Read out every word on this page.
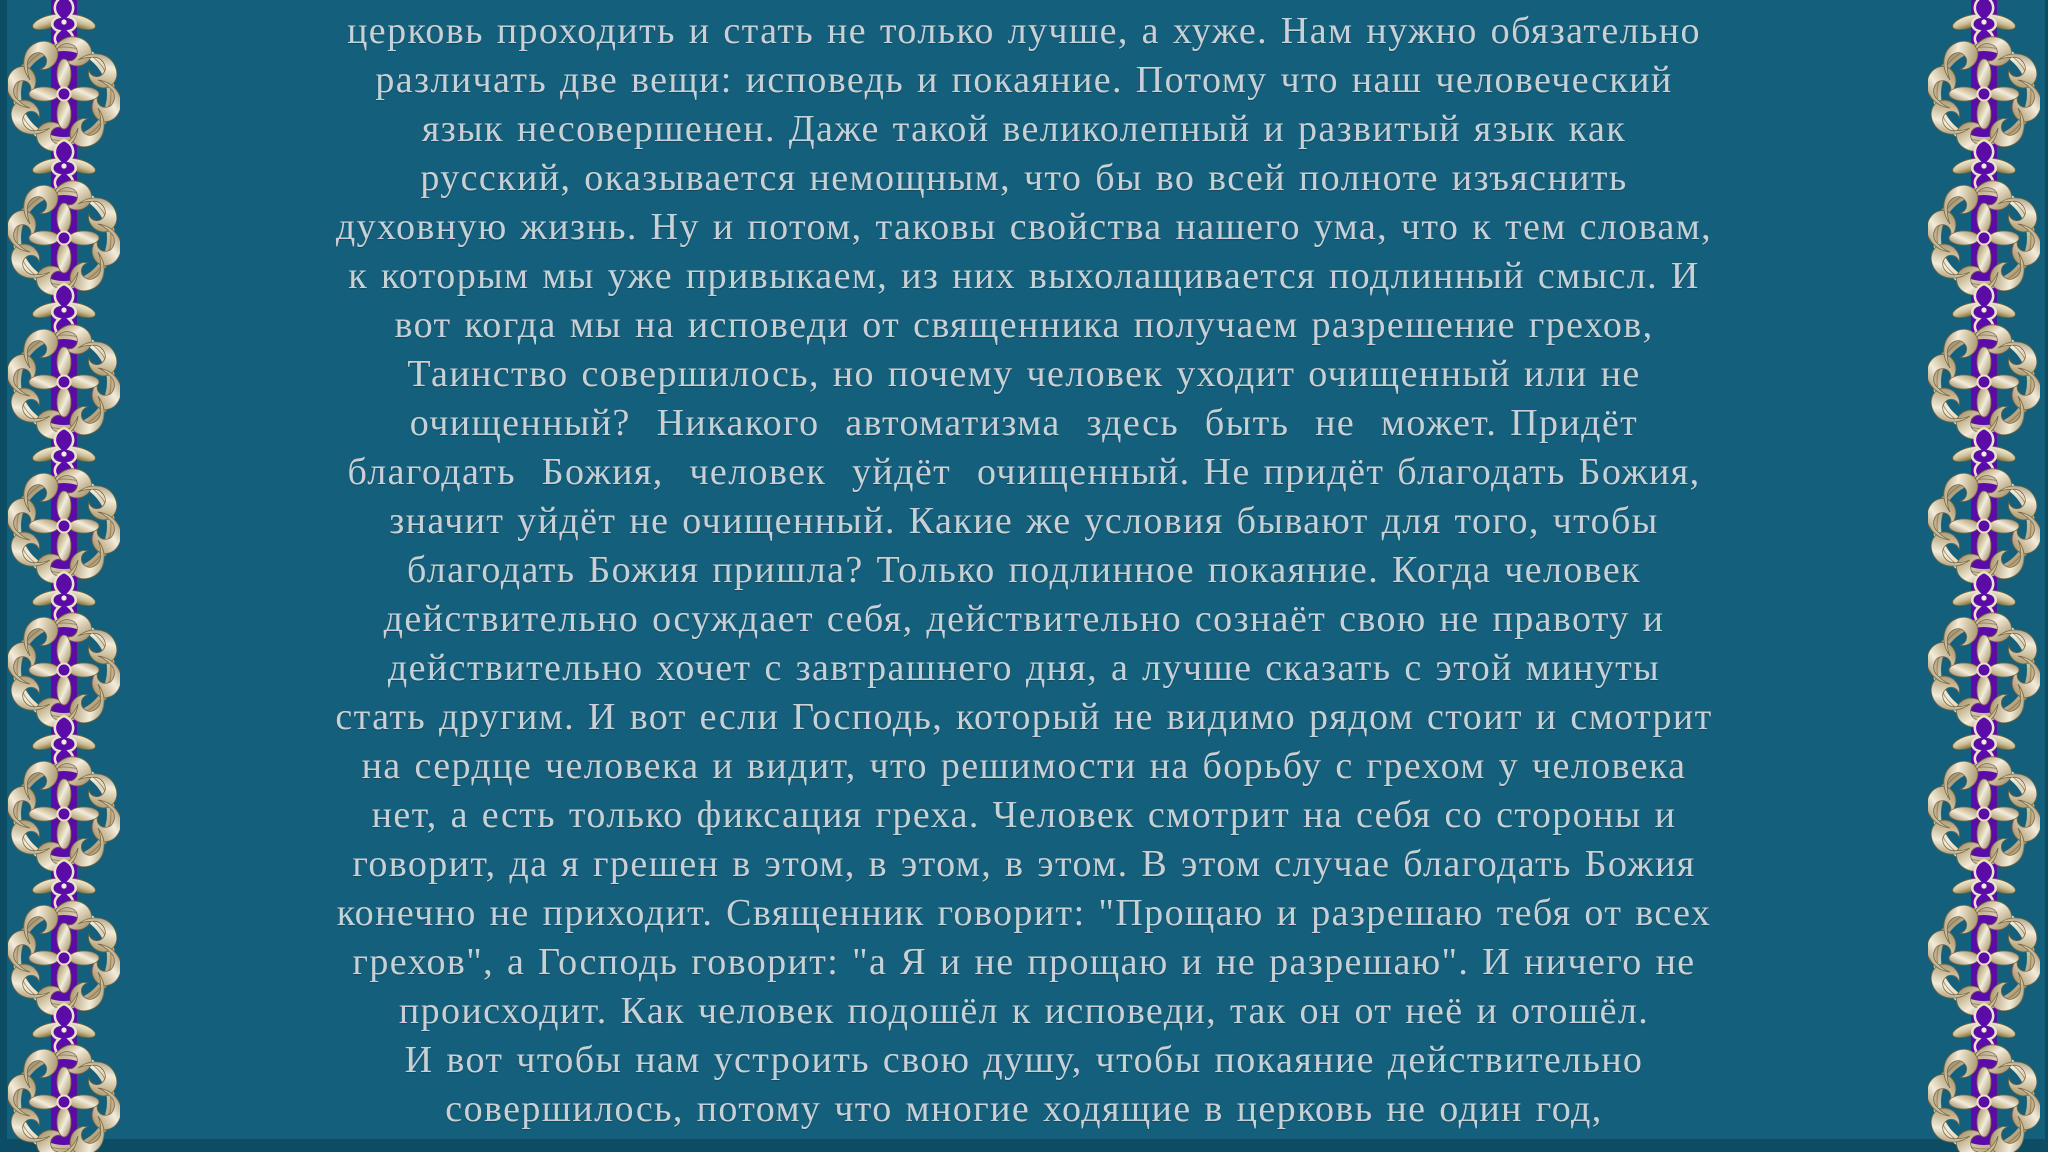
церковь проходить и стать не только лучше, а хуже. Нам нужно обязательно
различать две вещи: исповедь и покаяние. Потому что наш человеческий
язык несовершенен. Даже такой великолепный и развитый язык как
русский, оказывается немощным, что бы во всей полноте изъяснить
духовную жизнь. Ну и потом, таковы свойства нашего ума, что к тем словам,
к которым мы уже привыкаем, из них выхолащивается подлинный смысл. И
вот когда мы на исповеди от священника получаем разрешение грехов,
Таинство совершилось, но почему человек уходит очищенный или не
очищенный?  Никакого  автоматизма  здесь  быть  не  может. Придёт
благодать  Божия,  человек  уйдёт  очищенный. Не придёт благодать Божия,
значит уйдёт не очищенный. Какие же условия бывают для того, чтобы
благодать Божия пришла? Только подлинное покаяние. Когда человек
действительно осуждает себя, действительно сознаёт свою не правоту и
действительно хочет с завтрашнего дня, а лучше сказать с этой минуты
стать другим. И вот если Господь, который не видимо рядом стоит и смотрит
на сердце человека и видит, что решимости на борьбу с грехом у человека
нет, а есть только фиксация греха. Человек смотрит на себя со стороны и
говорит, да я грешен в этом, в этом, в этом. В этом случае благодать Божия
конечно не приходит. Священник говорит: "Прощаю и разрешаю тебя от всех
грехов", а Господь говорит: "а Я и не прощаю и не разрешаю". И ничего не
происходит. Как человек подошёл к исповеди, так он от неё и отошёл.
И вот чтобы нам устроить свою душу, чтобы покаяние действительно
совершилось, потому что многие ходящие в церковь не один год,
